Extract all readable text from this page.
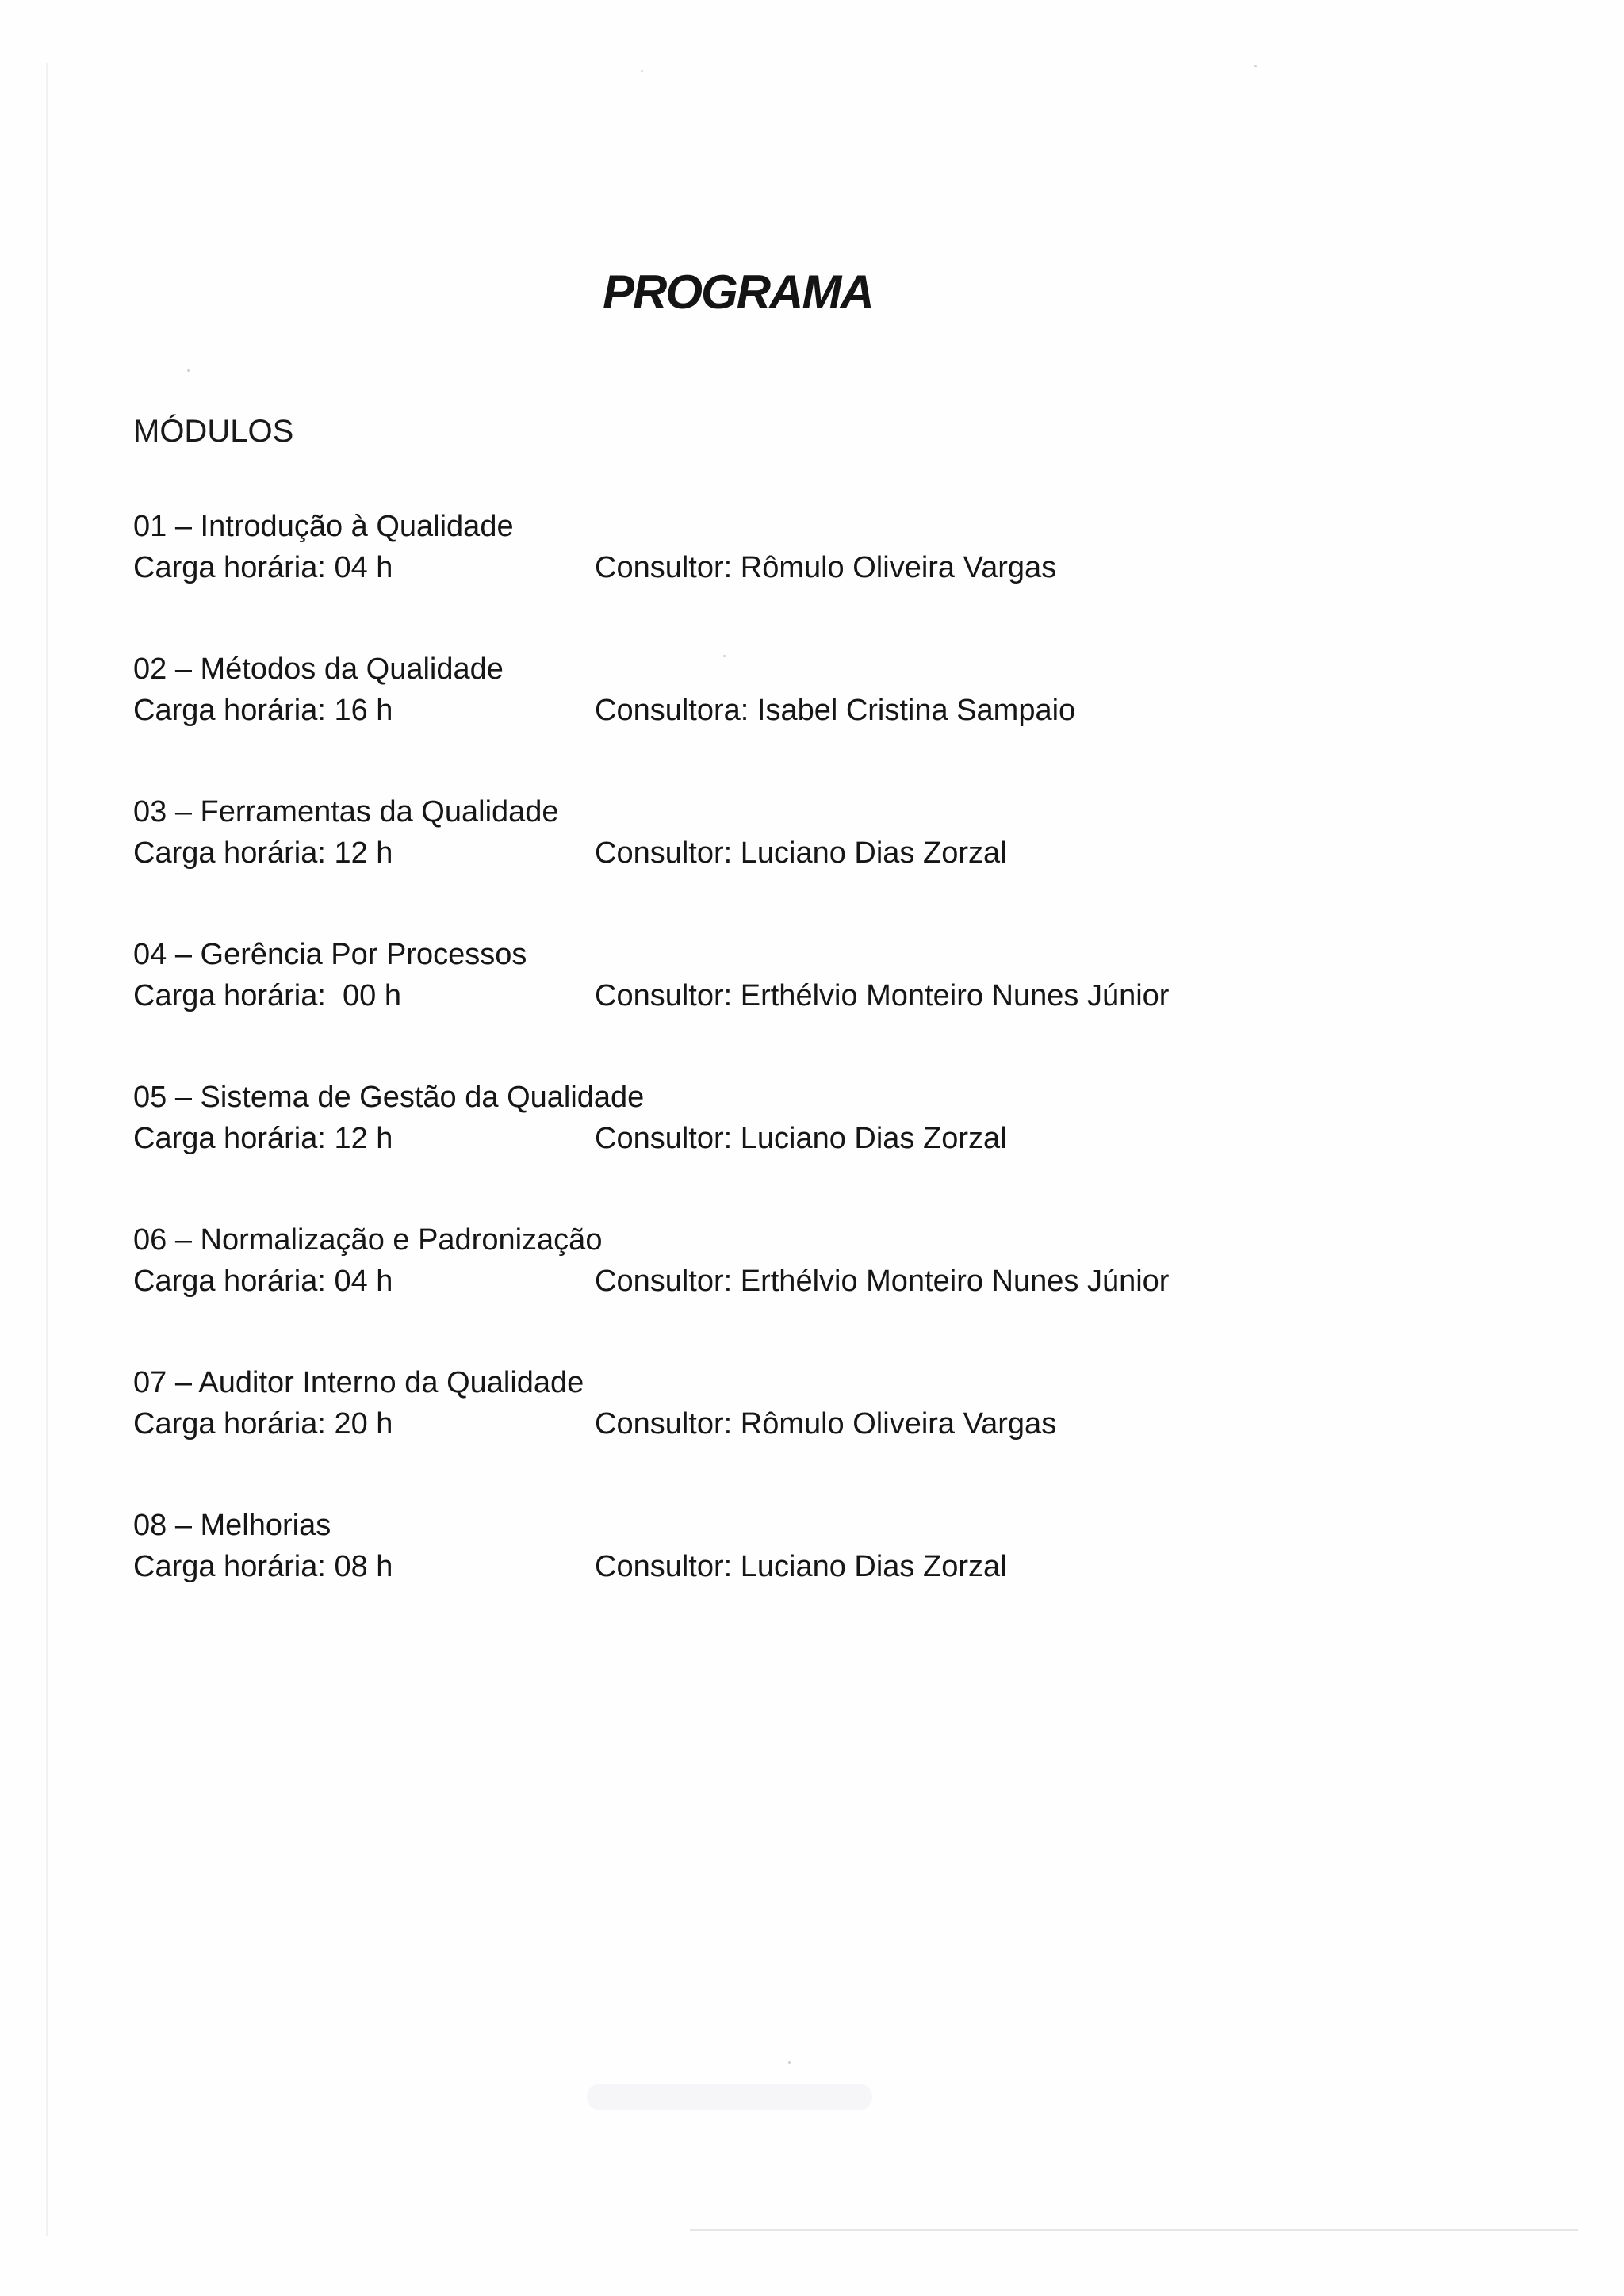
PROGRAMA
MÓDULOS
01 – Introdução à Qualidade
Carga horária: 04 h	Consultor: Rômulo Oliveira Vargas
02 – Métodos da Qualidade
Carga horária: 16 h	Consultora: Isabel Cristina Sampaio
03 – Ferramentas da Qualidade
Carga horária: 12 h	Consultor: Luciano Dias Zorzal
04 – Gerência Por Processos
Carga horária:  00 h	Consultor: Erthélvio Monteiro Nunes Júnior
05 – Sistema de Gestão da Qualidade
Carga horária: 12 h	Consultor: Luciano Dias Zorzal
06 – Normalização e Padronização
Carga horária: 04 h	Consultor: Erthélvio Monteiro Nunes Júnior
07 – Auditor Interno da Qualidade
Carga horária: 20 h	Consultor: Rômulo Oliveira Vargas
08 – Melhorias
Carga horária: 08 h	Consultor: Luciano Dias Zorzal
